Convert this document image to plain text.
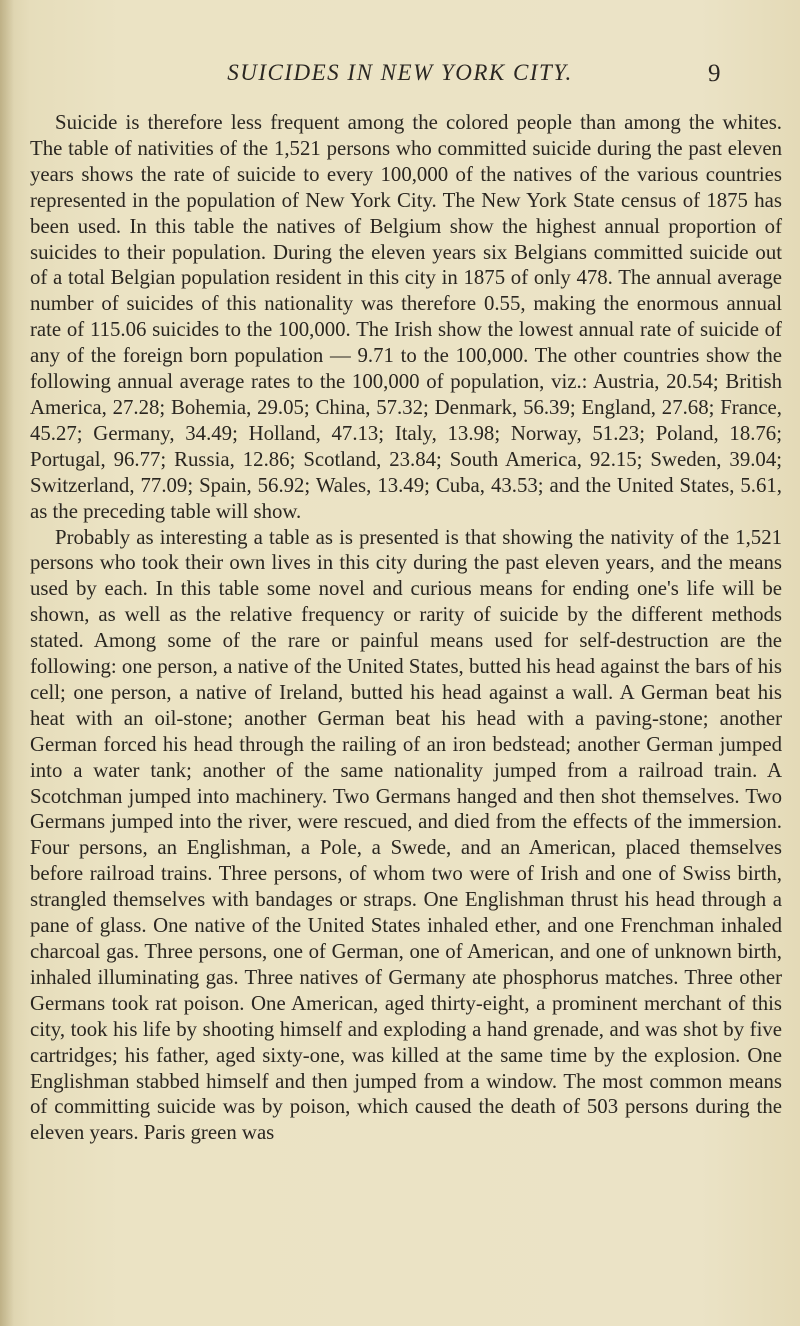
SUICIDES IN NEW YORK CITY.	9

Suicide is therefore less frequent among the colored people than among the whites. The table of nativities of the 1,521 persons who committed suicide during the past eleven years shows the rate of suicide to every 100,000 of the natives of the various countries represented in the population of New York City. The New York State census of 1875 has been used. In this table the natives of Belgium show the highest annual proportion of suicides to their population. During the eleven years six Belgians committed suicide out of a total Belgian population resident in this city in 1875 of only 478. The annual average number of suicides of this nationality was therefore 0.55, making the enormous annual rate of 115.06 suicides to the 100,000. The Irish show the lowest annual rate of suicide of any of the foreign born population — 9.71 to the 100,000. The other countries show the following annual average rates to the 100,000 of population, viz.: Austria, 20.54; British America, 27.28; Bohemia, 29.05; China, 57.32; Denmark, 56.39; England, 27.68; France, 45.27; Germany, 34.49; Holland, 47.13; Italy, 13.98; Norway, 51.23; Poland, 18.76; Portugal, 96.77; Russia, 12.86; Scotland, 23.84; South America, 92.15; Sweden, 39.04; Switzerland, 77.09; Spain, 56.92; Wales, 13.49; Cuba, 43.53; and the United States, 5.61, as the preceding table will show.

Probably as interesting a table as is presented is that showing the nativity of the 1,521 persons who took their own lives in this city during the past eleven years, and the means used by each. In this table some novel and curious means for ending one's life will be shown, as well as the relative frequency or rarity of suicide by the different methods stated. Among some of the rare or painful means used for self-destruction are the following: one person, a native of the United States, butted his head against the bars of his cell; one person, a native of Ireland, butted his head against a wall. A German beat his heat with an oil-stone; another German beat his head with a paving-stone; another German forced his head through the railing of an iron bedstead; another German jumped into a water tank; another of the same nationality jumped from a railroad train. A Scotchman jumped into machinery. Two Germans hanged and then shot themselves. Two Germans jumped into the river, were rescued, and died from the effects of the immersion. Four persons, an Englishman, a Pole, a Swede, and an American, placed themselves before railroad trains. Three persons, of whom two were of Irish and one of Swiss birth, strangled themselves with bandages or straps. One Englishman thrust his head through a pane of glass. One native of the United States inhaled ether, and one Frenchman inhaled charcoal gas. Three persons, one of German, one of American, and one of unknown birth, inhaled illuminating gas. Three natives of Germany ate phosphorus matches. Three other Germans took rat poison. One American, aged thirty-eight, a prominent merchant of this city, took his life by shooting himself and exploding a hand grenade, and was shot by five cartridges; his father, aged sixty-one, was killed at the same time by the explosion. One Englishman stabbed himself and then jumped from a window. The most common means of committing suicide was by poison, which caused the death of 503 persons during the eleven years. Paris green was
